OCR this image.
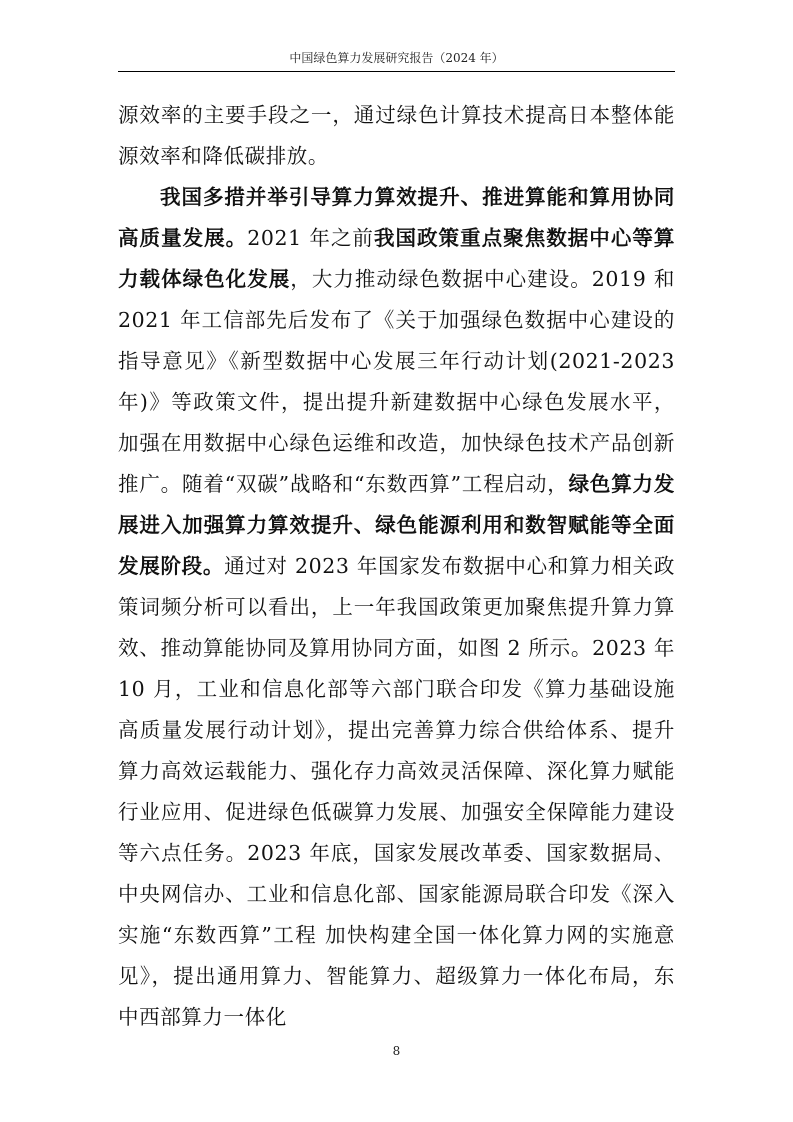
中国绿色算力发展研究报告（2024 年）

源效率的主要手段之一，通过绿色计算技术提高日本整体能源效率和降低碳排放。

我国多措并举引导算力算效提升、推进算能和算用协同高质量发展。2021 年之前我国政策重点聚焦数据中心等算力载体绿色化发展，大力推动绿色数据中心建设。2019 和 2021 年工信部先后发布了《关于加强绿色数据中心建设的指导意见》《新型数据中心发展三年行动计划(2021-2023 年)》等政策文件，提出提升新建数据中心绿色发展水平，加强在用数据中心绿色运维和改造，加快绿色技术产品创新推广。随着“双碳”战略和“东数西算”工程启动，绿色算力发展进入加强算力算效提升、绿色能源利用和数智赋能等全面发展阶段。通过对 2023 年国家发布数据中心和算力相关政策词频分析可以看出，上一年我国政策更加聚焦提升算力算效、推动算能协同及算用协同方面，如图 2 所示。2023 年 10 月，工业和信息化部等六部门联合印发《算力基础设施高质量发展行动计划》，提出完善算力综合供给体系、提升算力高效运载能力、强化存力高效灵活保障、深化算力赋能行业应用、促进绿色低碳算力发展、加强安全保障能力建设等六点任务。2023 年底，国家发展改革委、国家数据局、中央网信办、工业和信息化部、国家能源局联合印发《深入实施“东数西算”工程 加快构建全国一体化算力网的实施意见》，提出通用算力、智能算力、超级算力一体化布局，东中西部算力一体化

8
